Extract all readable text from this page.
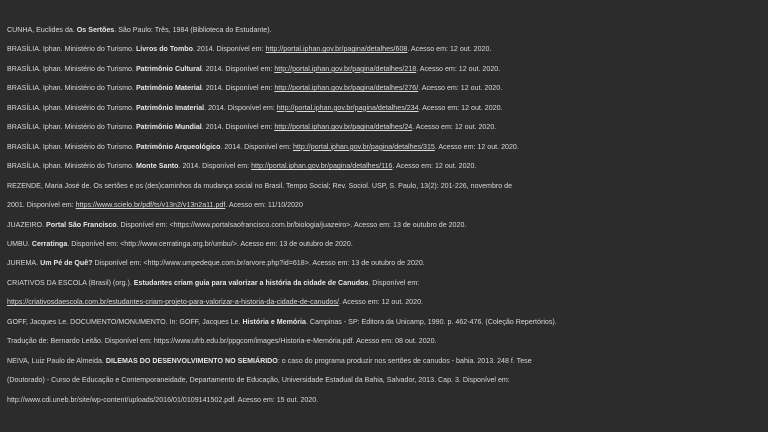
CUNHA, Euclides da. Os Sertões. São Paulo: Três, 1984 (Biblioteca do Estudante).
BRASÍLIA. Iphan. Ministério do Turismo. Livros do Tombo. 2014. Disponível em: http://portal.iphan.gov.br/pagina/detalhes/608. Acesso em: 12 out. 2020.
BRASÍLIA. Iphan. Ministério do Turismo. Patrimônio Cultural. 2014. Disponível em: http://portal.iphan.gov.br/pagina/detalhes/218. Acesso em: 12 out. 2020.
BRASÍLIA. Iphan. Ministério do Turismo. Patrimônio Material. 2014. Disponível em: http://portal.iphan.gov.br/pagina/detalhes/276/. Acesso em: 12 out. 2020.
BRASÍLIA. Iphan. Ministério do Turismo. Patrimônio Imaterial. 2014. Disponível em: http://portal.iphan.gov.br/pagina/detalhes/234. Acesso em: 12 out. 2020.
BRASÍLIA. Iphan. Ministério do Turismo. Patrimônio Mundial. 2014. Disponível em: http://portal.iphan.gov.br/pagina/detalhes/24. Acesso em: 12 out. 2020.
BRASÍLIA. Iphan. Ministério do Turismo. Patrimônio Arqueológico. 2014. Disponível em: http://portal.iphan.gov.br/pagina/detalhes/315. Acesso em: 12 out. 2020.
BRASÍLIA. Iphan. Ministério do Turismo. Monte Santo. 2014. Disponível em: http://portal.iphan.gov.br/pagina/detalhes/116. Acesso em: 12 out. 2020.
REZENDE, Maria José de. Os sertões e os (des)caminhos da mudança social no Brasil. Tempo Social; Rev. Sociol. USP, S. Paulo, 13(2): 201-226, novembro de
2001. Disponível em: https://www.scielo.br/pdf/ts/v13n2/v13n2a11.pdf. Acesso em: 11/10/2020
JUAZEIRO. Portal São Francisco. Disponível em: <https://www.portalsaofrancisco.com.br/biologia/juazeiro>. Acesso em: 13 de outubro de 2020.
UMBU. Cerratinga. Disponível em: <http://www.cerratinga.org.br/umbu/>. Acesso em: 13 de outubro de 2020.
JUREMA. Um Pé de Quê? Disponível em: <http://www.umpedeque.com.br/arvore.php?id=618>. Acesso em: 13 de outubro de 2020.
CRIATIVOS DA ESCOLA (Brasil) (org.). Estudantes criam guia para valorizar a história da cidade de Canudos. Disponível em:
https://criativosdaescola.com.br/estudantes-criam-projeto-para-valorizar-a-historia-da-cidade-de-canudos/. Acesso em: 12 out. 2020.
GOFF, Jacques Le. DOCUMENTO/MONUMENTO. In: GOFF, Jacques Le. História e Memória. Campinas - SP: Editora da Unicamp, 1990. p. 462-476. (Coleção Repertórios).
Tradução de: Bernardo Leitão. Disponível em: https://www.ufrb.edu.br/ppgcom/images/Historia-e-Memória.pdf. Acesso em: 08 out. 2020.
NEIVA, Luiz Paulo de Almeida. DILEMAS DO DESENVOLVIMENTO NO SEMIÁRIDO: o caso do programa produzir nos sertões de canudos - bahia. 2013. 248 f. Tese
(Doutorado) - Curso de Educação e Contemporaneidade, Departamento de Educação, Universidade Estadual da Bahia, Salvador, 2013. Cap. 3. Disponível em:
http://www.cdi.uneb.br/site/wp-content/uploads/2016/01/0109141502.pdf. Acesso em: 15 out. 2020.
